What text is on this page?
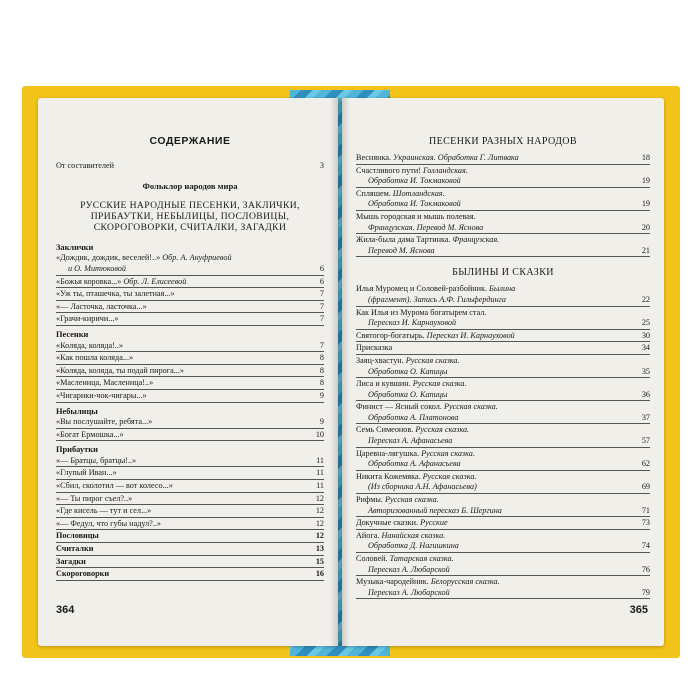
СОДЕРЖАНИЕ
От составителей	3
Фольклор народов мира
РУССКИЕ НАРОДНЫЕ ПЕСЕНКИ, ЗАКЛИЧКИ, ПРИБАУТКИ, НЕБЫЛИЦЫ, ПОСЛОВИЦЫ, СКОРОГОВОРКИ, СЧИТАЛКИ, ЗАГАДКИ
Заклички
«Дождик, дождик, веселей!..» Обр. А. Ануфриевой
и О. Митюковой	6
«Божья коровка...» Обр. Л. Елисеевой	6
«Уж ты, пташечка, ты залетная...»	7
«— Ласточка, ласточка...»	7
«Грачи-киричи...»	7
Песенки
«Коляда, коляда!..»	7
«Как пошла коляда...»	8
«Коляда, коляда, ты подай пирога...»	8
«Масленица, Масленица!..»	8
«Чигарики-чок-чигары...»	9
Небылицы
«Вы послушайте, ребята...»	9
«Богат Ермошка...»	10
Прибаутки
«— Братцы, братцы!..»	11
«Глупый Иван...»	11
«Сбил, сколотил — вот колесо...»	11
«— Ты пирог съел?..»	12
«Где кисель — тут и сел...»	12
«— Федул, что губы надул?..»	12
Пословицы	12
Считалки	13
Загадки	15
Скороговорки	16
364
ПЕСЕНКИ РАЗНЫХ НАРОДОВ
Веснянка. Украинская. Обработка Г. Литвака	18
Счастливого пути! Голландская.
Обработка И. Токмаковой	19
Спляшем. Шотландская.
Обработка И. Токмаковой	19
Мышь городская и мышь полевая.
Французская. Перевод М. Яснова	20
Жила-была дама Тартинка. Французская.
Перевод М. Яснова	21
БЫЛИНЫ И СКАЗКИ
Илья Муромец и Соловей-разбойник. Былина
(фрагмент). Запись А.Ф. Гильфердинга	22
Как Илья из Мурома богатырем стал.
Пересказ И. Карнауховой	25
Святогор-богатырь. Пересказ И. Карнауховой	30
Присказка	34
Заяц-хвастун. Русская сказка.
Обработка О. Капицы	35
Лиса и кувшин. Русская сказка.
Обработка О. Капицы	36
Финист — Ясный сокол. Русская сказка.
Обработка А. Платонова	37
Семь Симеонов. Русская сказка.
Пересказ А. Афанасьева	57
Царевна-лягушка. Русская сказка.
Обработка А. Афанасьева	62
Никита Кожемяка. Русская сказка.
(Из сборника А.Н. Афанасьева)	69
Рифмы. Русская сказка.
Авторизованный пересказ Б. Шергина	71
Докучные сказки. Русские	73
Айога. Нанайская сказка.
Обработка Д. Нагишкина	74
Соловей. Татарская сказка.
Пересказ А. Любарской	76
Музыка-чародейник. Белорусская сказка.
Пересказ А. Любарской	79
365
